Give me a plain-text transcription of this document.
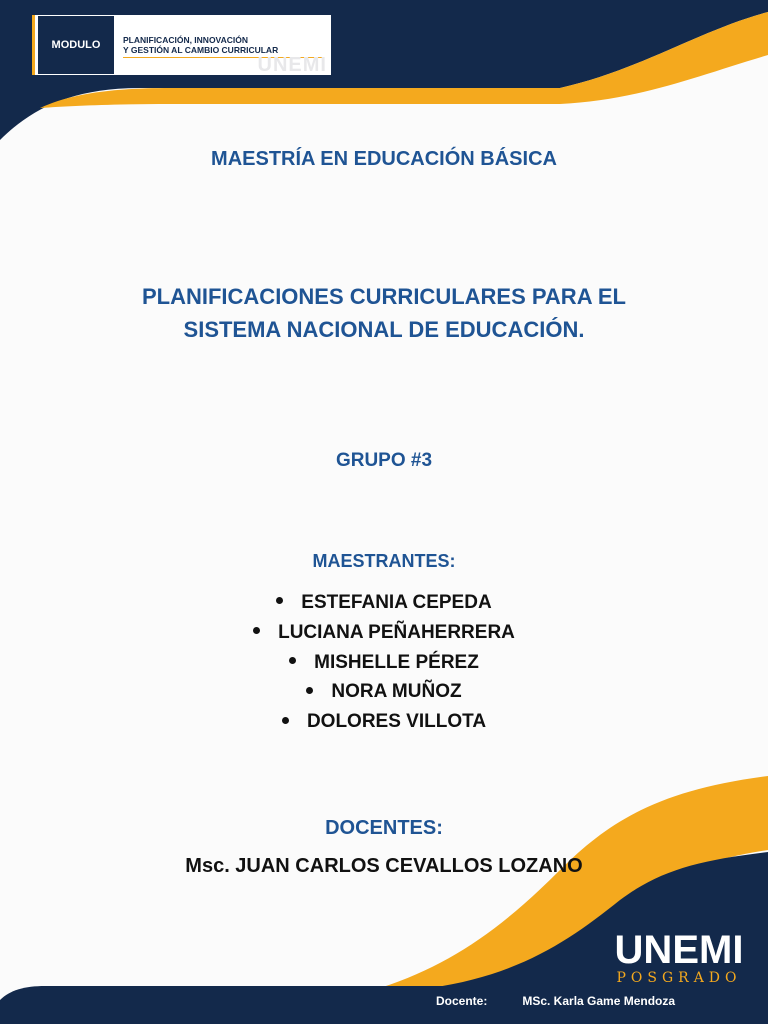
MODULO	PLANIFICACIÓN, INNOVACIÓN
Y GESTIÓN AL CAMBIO CURRICULAR
UNEMI
MAESTRÍA EN EDUCACIÓN BÁSICA
PLANIFICACIONES CURRICULARES PARA EL
SISTEMA NACIONAL DE EDUCACIÓN.
GRUPO #3
MAESTRANTES:
ESTEFANIA CEPEDA
LUCIANA PEÑAHERRERA
MISHELLE PÉREZ
NORA MUÑOZ
DOLORES VILLOTA
DOCENTES:
Msc. JUAN CARLOS CEVALLOS LOZANO
UNEMI
POSGRADO
Docente:	MSc. Karla Game Mendoza
